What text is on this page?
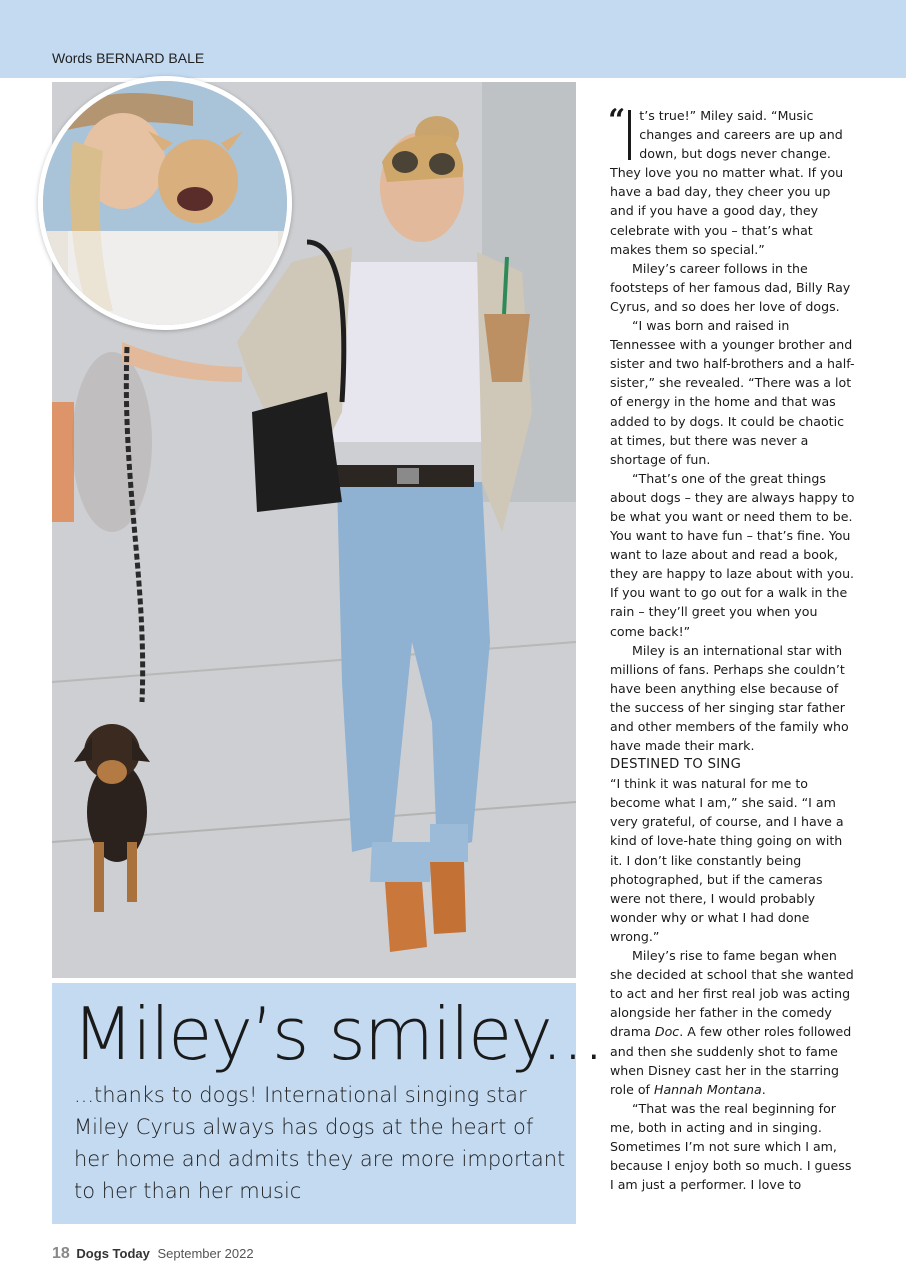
Words BERNARD BALE
Miley’s smiley...

...thanks to dogs! International singing star Miley Cyrus always has dogs at the heart of her home and admits they are more important to her than her music

“ t’s true!” Miley said. “Music changes and careers are up and down, but dogs never change. They love you no matter what. If you have a bad day, they cheer you up and if you have a good day, they celebrate with you – that’s what makes them so special.”

Miley’s career follows in the footsteps of her famous dad, Billy Ray Cyrus, and so does her love of dogs.

“I was born and raised in Tennessee with a younger brother and sister and two half-brothers and a half-sister,” she revealed. “There was a lot of energy in the home and that was added to by dogs. It could be chaotic at times, but there was never a shortage of fun.

“That’s one of the great things about dogs – they are always happy to be what you want or need them to be. You want to have fun – that’s fine. You want to laze about and read a book, they are happy to laze about with you. If you want to go out for a walk in the rain – they’ll greet you when you come back!”

Miley is an international star with millions of fans. Perhaps she couldn’t have been anything else because of the success of her singing star father and other members of the family who have made their mark.

DESTINED TO SING

“I think it was natural for me to become what I am,” she said. “I am very grateful, of course, and I have a kind of love-hate thing going on with it. I don’t like constantly being photographed, but if the cameras were not there, I would probably wonder why or what I had done wrong.”

Miley’s rise to fame began when she decided at school that she wanted to act and her first real job was acting alongside her father in the comedy drama Doc. A few other roles followed and then she suddenly shot to fame when Disney cast her in the starring role of Hannah Montana.

“That was the real beginning for me, both in acting and in singing. Sometimes I’m not sure which I am, because I enjoy both so much. I guess I am just a performer. I love to

18 Dogs Today September 2022
